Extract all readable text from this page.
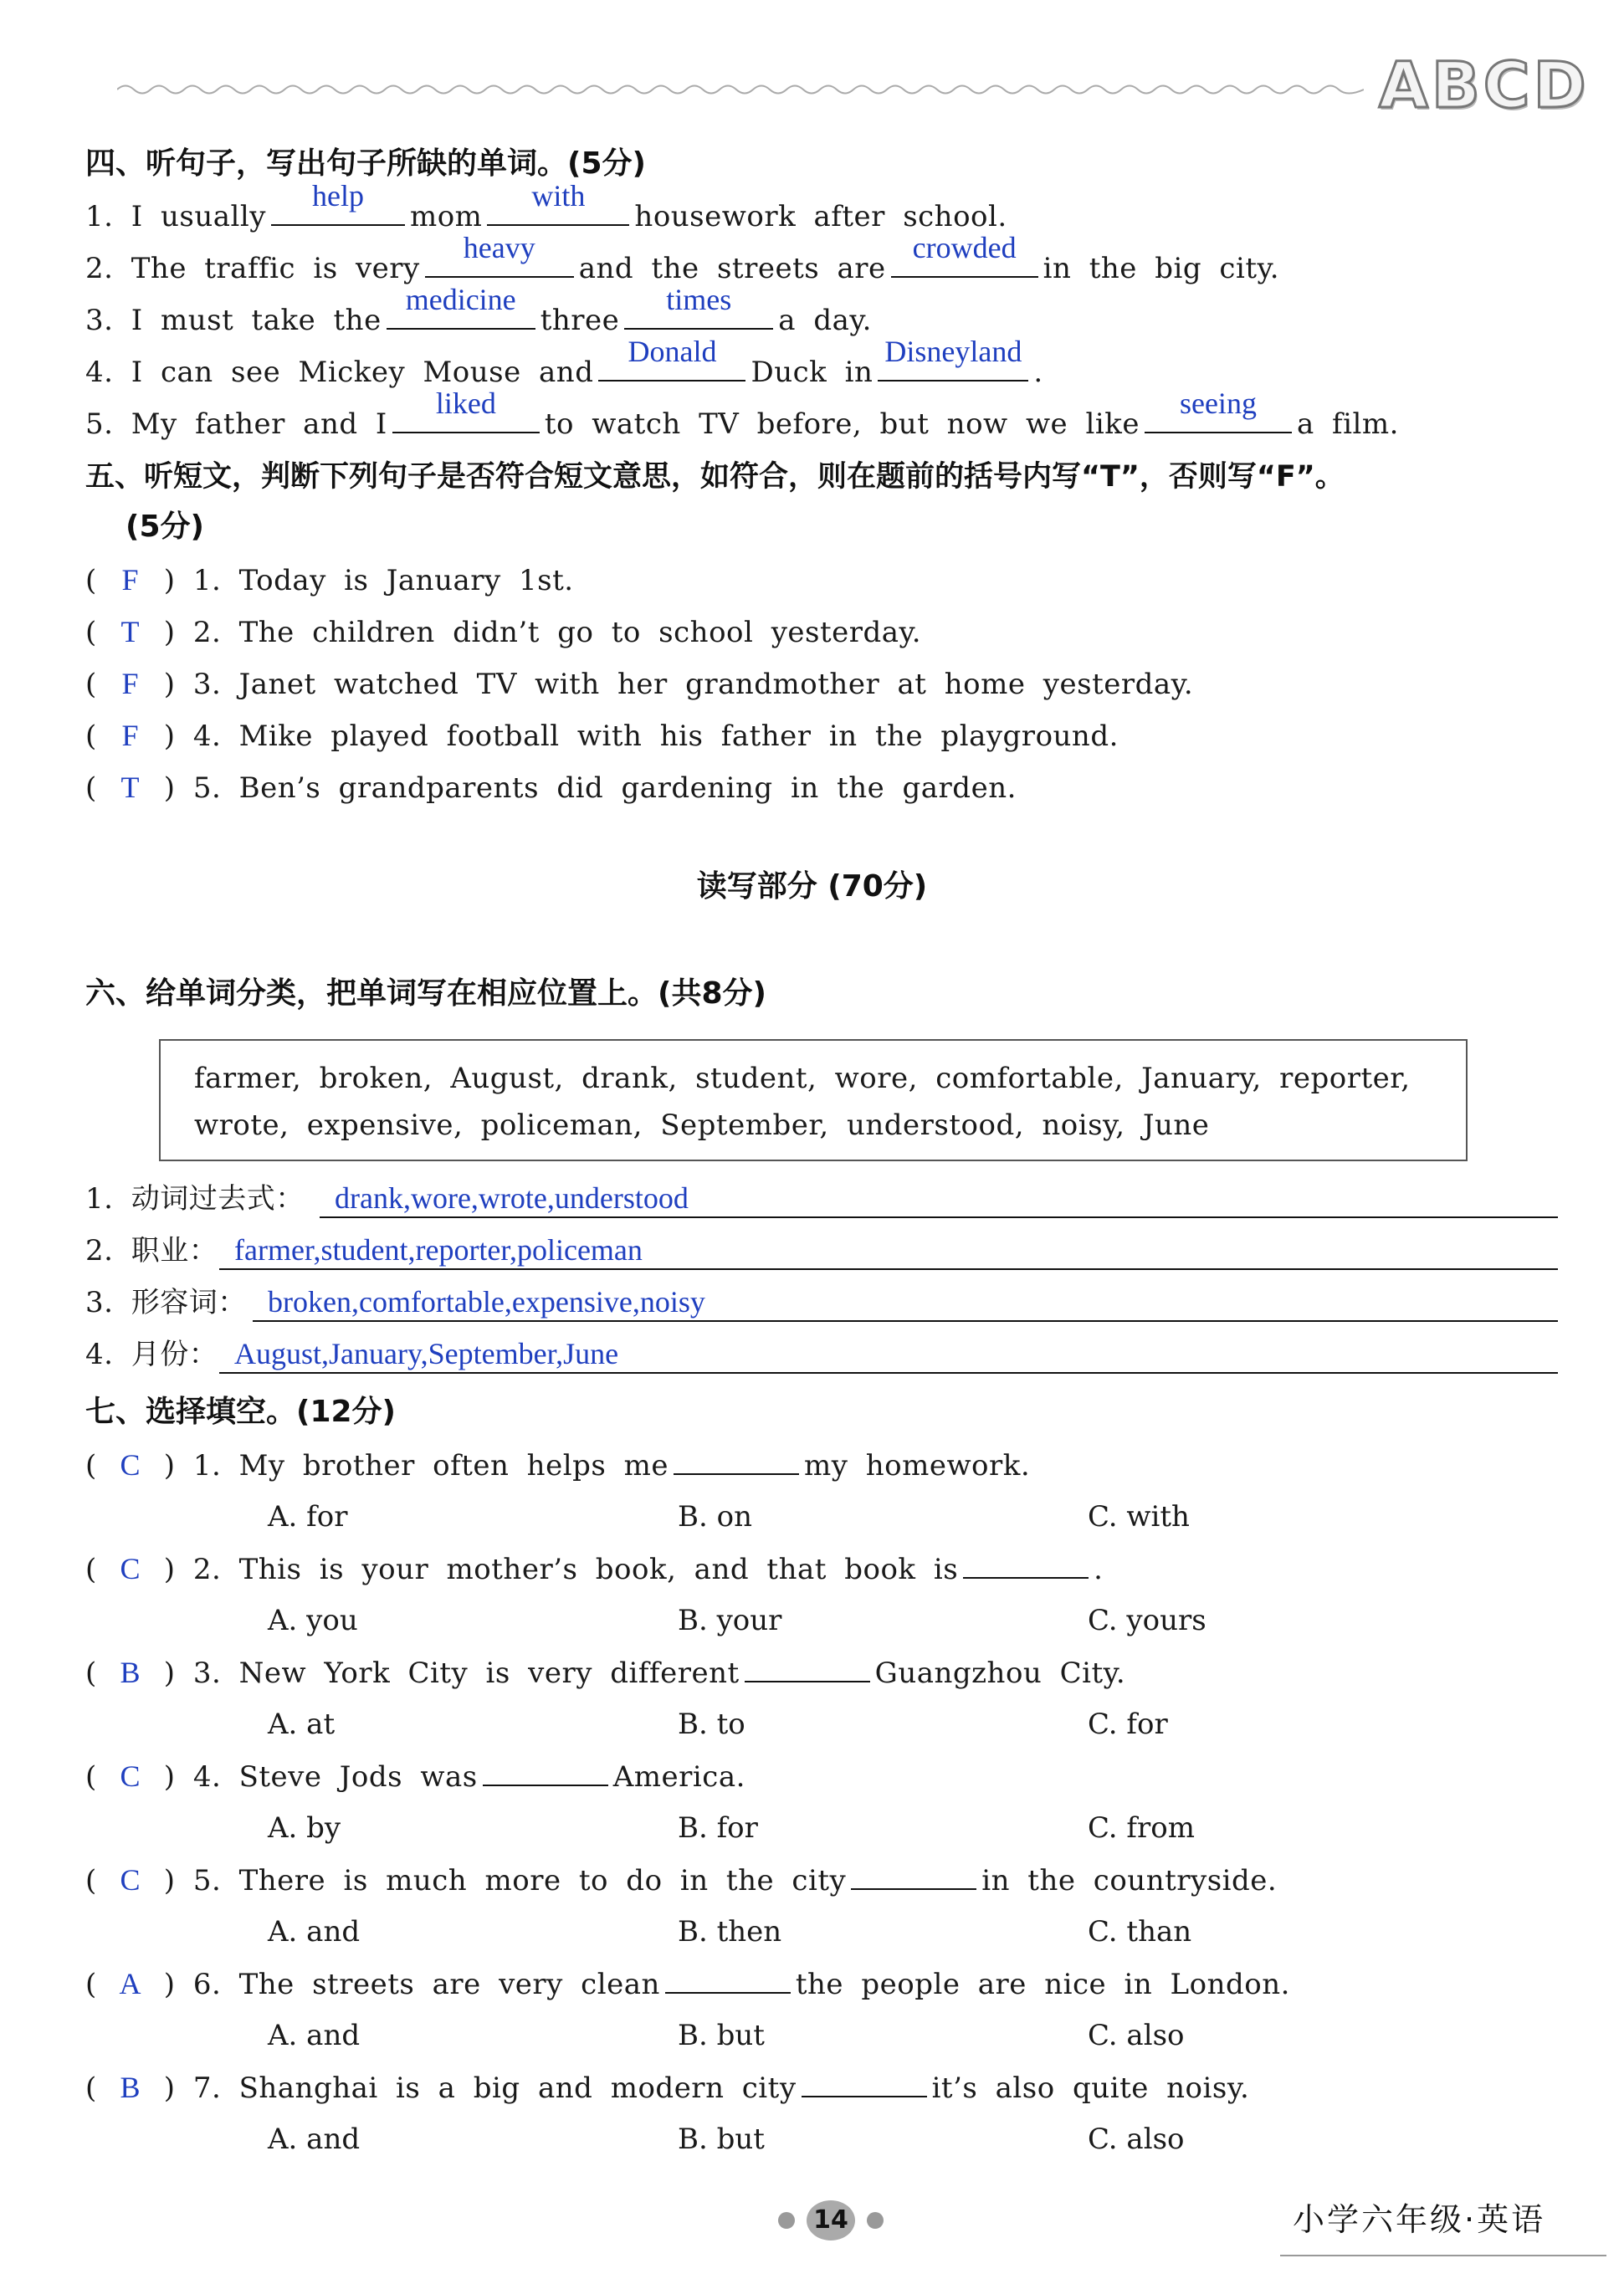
A B C D
四、听句子，写出句子所缺的单词。(5分)
1. I usually
help
mom
with
housework after school.
2. The traffic is very
heavy
and the streets are
crowded
in the big city.
3. I must take the
medicine
three
times
a day.
4. I can see Mickey Mouse and
Donald
Duck in
Disneyland
.
5. My father and I
liked
to watch TV before, but now we like
seeing
a film.
五、听短文，判断下列句子是否符合短文意思，如符合，则在题前的括号内写“T”，否则写“F”。
(5分)
( F ) 1. Today is January 1st.
( T ) 2. The children didn’t go to school yesterday.
( F ) 3. Janet watched TV with her grandmother at home yesterday.
( F ) 4. Mike played football with his father in the playground.
( T ) 5. Ben’s grandparents did gardening in the garden.
读写部分 (70分)
六、给单词分类，把单词写在相应位置上。(共8分)
farmer, broken, August, drank, student, wore, comfortable, January, reporter,
wrote, expensive, policeman, September, understood, noisy, June
1. 动词过去式： drank,wore,wrote,understood
2. 职业： farmer,student,reporter,policeman
3. 形容词： broken,comfortable,expensive,noisy
4. 月份： August,January,September,June
七、选择填空。(12分)
( C ) 1. My brother often helps me	my homework.
A. for	B. on	C. with
( C ) 2. This is your mother’s book, and that book is	.
A. you	B. your	C. yours
( B ) 3. New York City is very different	Guangzhou City.
A. at	B. to	C. for
( C ) 4. Steve Jods was	America.
A. by	B. for	C. from
( C ) 5. There is much more to do in the city	in the countryside.
A. and	B. then	C. than
( A ) 6. The streets are very clean	the people are nice in London.
A. and	B. but	C. also
( B ) 7. Shanghai is a big and modern city	it’s also quite noisy.
A. and	B. but	C. also
14	小学六年级·英语
